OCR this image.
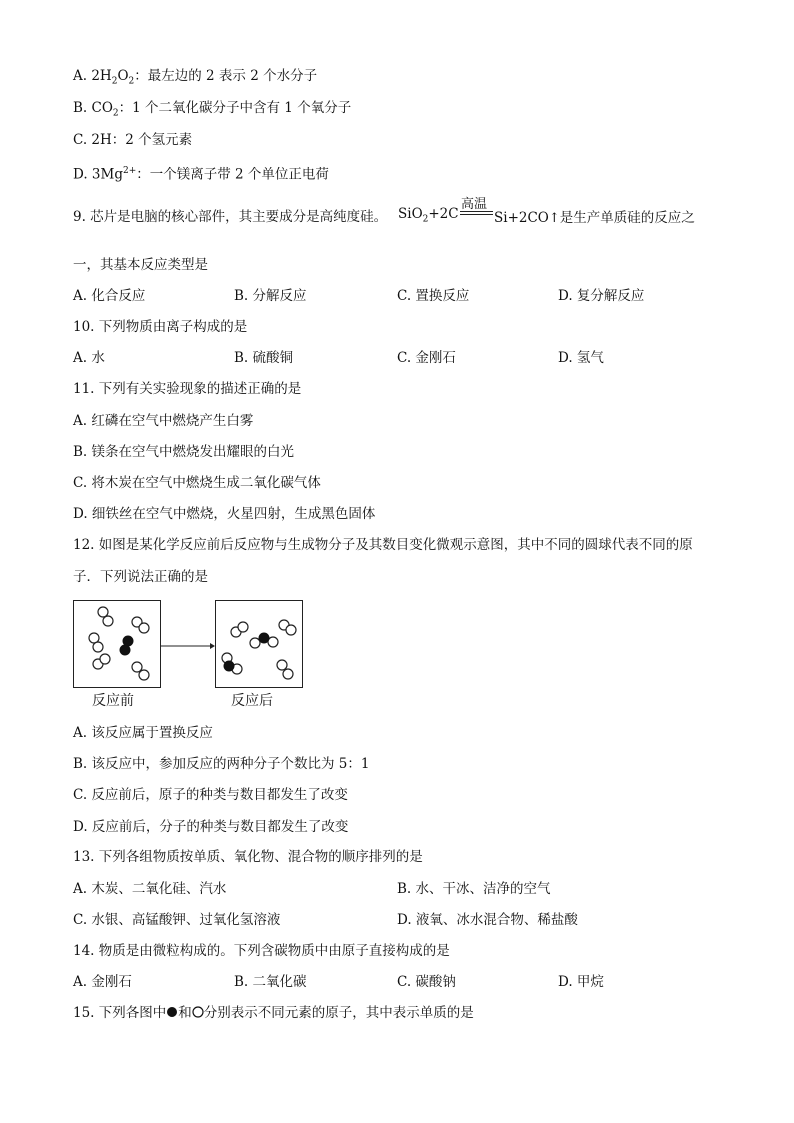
A. $2H_2O_2$：最左边的 2 表示 2 个水分子
B. $CO_2$：1 个二氧化碳分子中含有 1 个氧分子
C. 2H：2 个氢元素
D. $3Mg^{2+}$：一个镁离子带 2 个单位正电荷
9. 芯片是电脑的核心部件，其主要成分是高纯度硅。
高温
SiO$_2$+2C	Si+2CO↑是生产单质硅的反应之
一，其基本反应类型是
A. 化合反应	B. 分解反应	C. 置换反应	D. 复分解反应
10. 下列物质由离子构成的是
A. 水	B. 硫酸铜	C. 金刚石	D. 氢气
11. 下列有关实验现象的描述正确的是
A. 红磷在空气中燃烧产生白雾
B. 镁条在空气中燃烧发出耀眼的白光
C. 将木炭在空气中燃烧生成二氧化碳气体
D. 细铁丝在空气中燃烧，火星四射，生成黑色固体
12. 如图是某化学反应前后反应物与生成物分子及其数目变化微观示意图，其中不同的圆球代表不同的原
子．下列说法正确的是
反应前	反应后
A. 该反应属于置换反应
B. 该反应中，参加反应的两种分子个数比为 5：1
C. 反应前后，原子的种类与数目都发生了改变
D. 反应前后，分子的种类与数目都发生了改变
13. 下列各组物质按单质、氧化物、混合物的顺序排列的是
A. 木炭、二氧化硅、汽水	B. 水、干冰、洁净的空气
C. 水银、高锰酸钾、过氧化氢溶液	D. 液氧、冰水混合物、稀盐酸
14. 物质是由微粒构成的。下列含碳物质中由原子直接构成的是
A. 金刚石	B. 二氧化碳	C. 碳酸钠	D. 甲烷
15. 下列各图中 和 分别表示不同元素的原子，其中表示单质的是
